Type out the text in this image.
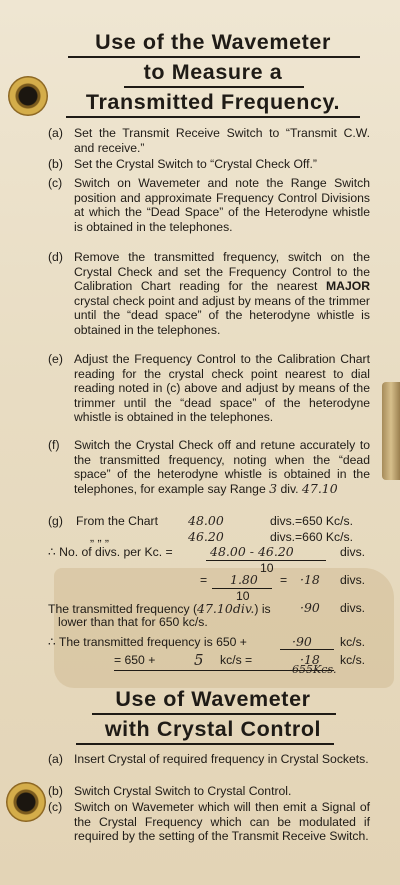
Use of the Wavemeter
to Measure a
Transmitted Frequency.
(a) Set the Transmit Receive Switch to “Transmit C.W. and receive.”
(b) Set the Crystal Switch to “Crystal Check Off.”
(c) Switch on Wavemeter and note the Range Switch position and approximate Frequency Control Divisions at which the “Dead Space” of the Heterodyne whistle is obtained in the telephones.
(d) Remove the transmitted frequency, switch on the Crystal Check and set the Frequency Control to the Calibration Chart reading for the nearest MAJOR crystal check point and adjust by means of the trimmer until the “dead space” of the heterodyne whistle is obtained in the telephones.
(e) Adjust the Frequency Control to the Calibration Chart reading for the crystal check point nearest to dial reading noted in (c) above and adjust by means of the trimmer until the “dead space” of the heterodyne whistle is obtained in the telephones.
(f)	Switch the Crystal Check off and retune accurately to the transmitted frequency, noting when the “dead space” of the heterodyne whistle is obtained in the telephones, for example say Range 3 div. 47.10
(g) From the Chart 48.00	divs.=650 Kc/s.
„ „ „	46.20	divs.=660 Kc/s.
∴ No. of divs. per Kc. =	48.00 - 46.20	divs.
10
= 1.80 = ·18 divs.
10
The transmitted frequency (47.10div.) is ·90 divs.
lower than that for 650 kc/s.
∴ The transmitted frequency is 650 +	·90 kc/s.
= 650 +	5 kc/s =	·18 kc/s.
655Kcs.
Use of Wavemeter
with Crystal Control
(a) Insert Crystal of required frequency in Crystal Sockets.
(b) Switch Crystal Switch to Crystal Control.
(c) Switch on Wavemeter which will then emit a Signal of the Crystal Frequency which can be modulated if required by the setting of the Transmit Receive Switch.
